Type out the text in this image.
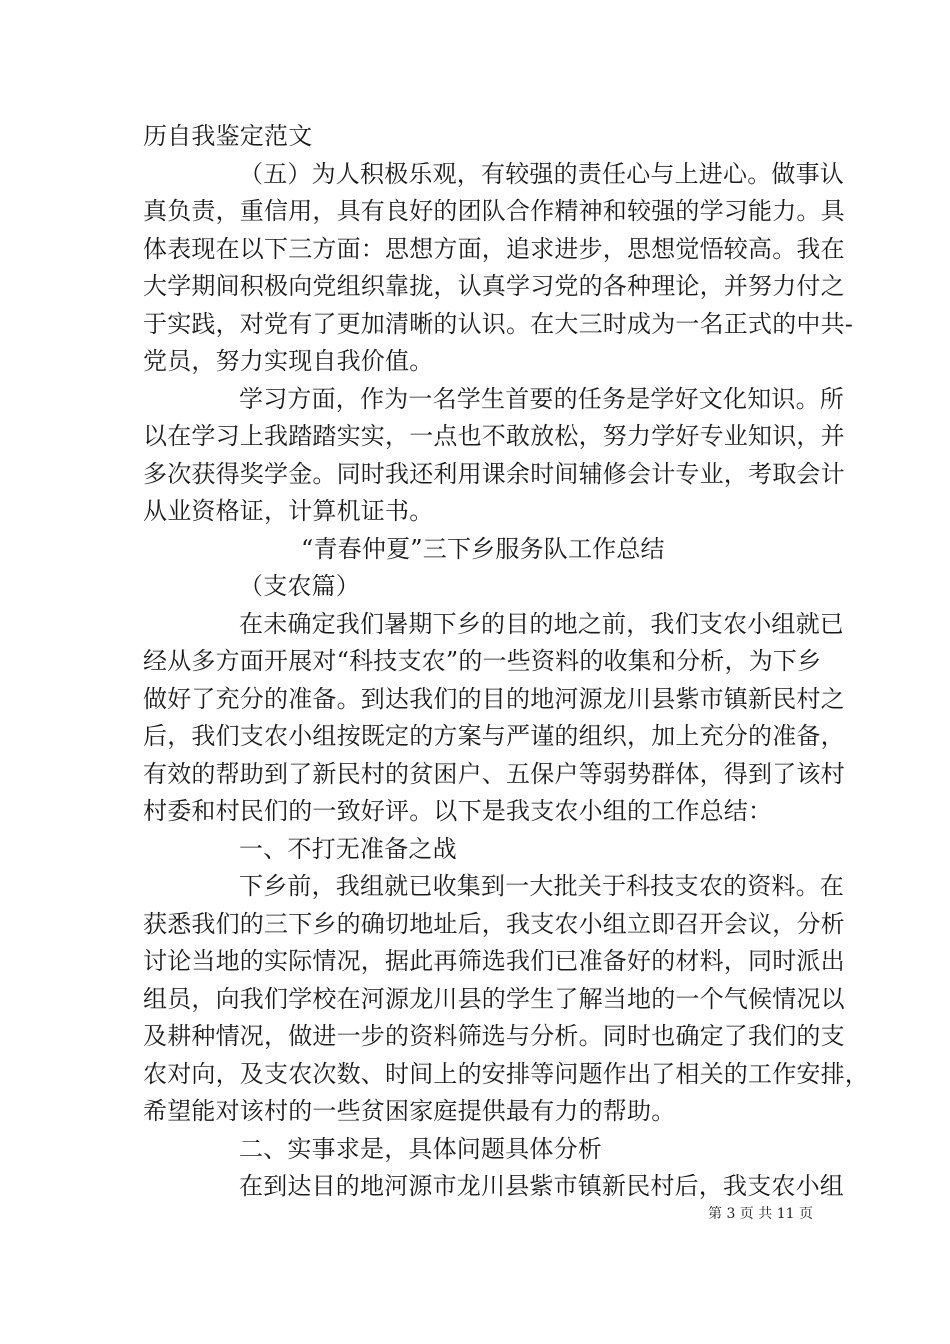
历自我鉴定范文
（五）为人积极乐观，有较强的责任心与上进心。做事认
真负责，重信用，具有良好的团队合作精神和较强的学习能力。具
体表现在以下三方面：思想方面，追求进步，思想觉悟较高。我在
大学期间积极向党组织靠拢，认真学习党的各种理论，并努力付之
于实践，对党有了更加清晰的认识。在大三时成为一名正式的中共-
党员，努力实现自我价值。
学习方面，作为一名学生首要的任务是学好文化知识。所
以在学习上我踏踏实实，一点也不敢放松，努力学好专业知识，并
多次获得奖学金。同时我还利用课余时间辅修会计专业，考取会计
从业资格证，计算机证书。
“青春仲夏”三下乡服务队工作总结
（支农篇）
在未确定我们暑期下乡的目的地之前，我们支农小组就已
经从多方面开展对“科技支农”的一些资料的收集和分析，为下乡
做好了充分的准备。到达我们的目的地河源龙川县紫市镇新民村之
后，我们支农小组按既定的方案与严谨的组织，加上充分的准备，
有效的帮助到了新民村的贫困户、五保户等弱势群体，得到了该村
村委和村民们的一致好评。以下是我支农小组的工作总结：
一、不打无准备之战
下乡前，我组就已收集到一大批关于科技支农的资料。在
获悉我们的三下乡的确切地址后，我支农小组立即召开会议，分析
讨论当地的实际情况，据此再筛选我们已准备好的材料，同时派出
组员，向我们学校在河源龙川县的学生了解当地的一个气候情况以
及耕种情况，做进一步的资料筛选与分析。同时也确定了我们的支
农对向，及支农次数、时间上的安排等问题作出了相关的工作安排，
希望能对该村的一些贫困家庭提供最有力的帮助。
二、实事求是，具体问题具体分析
在到达目的地河源市龙川县紫市镇新民村后，我支农小组
第 3 页 共 11 页
